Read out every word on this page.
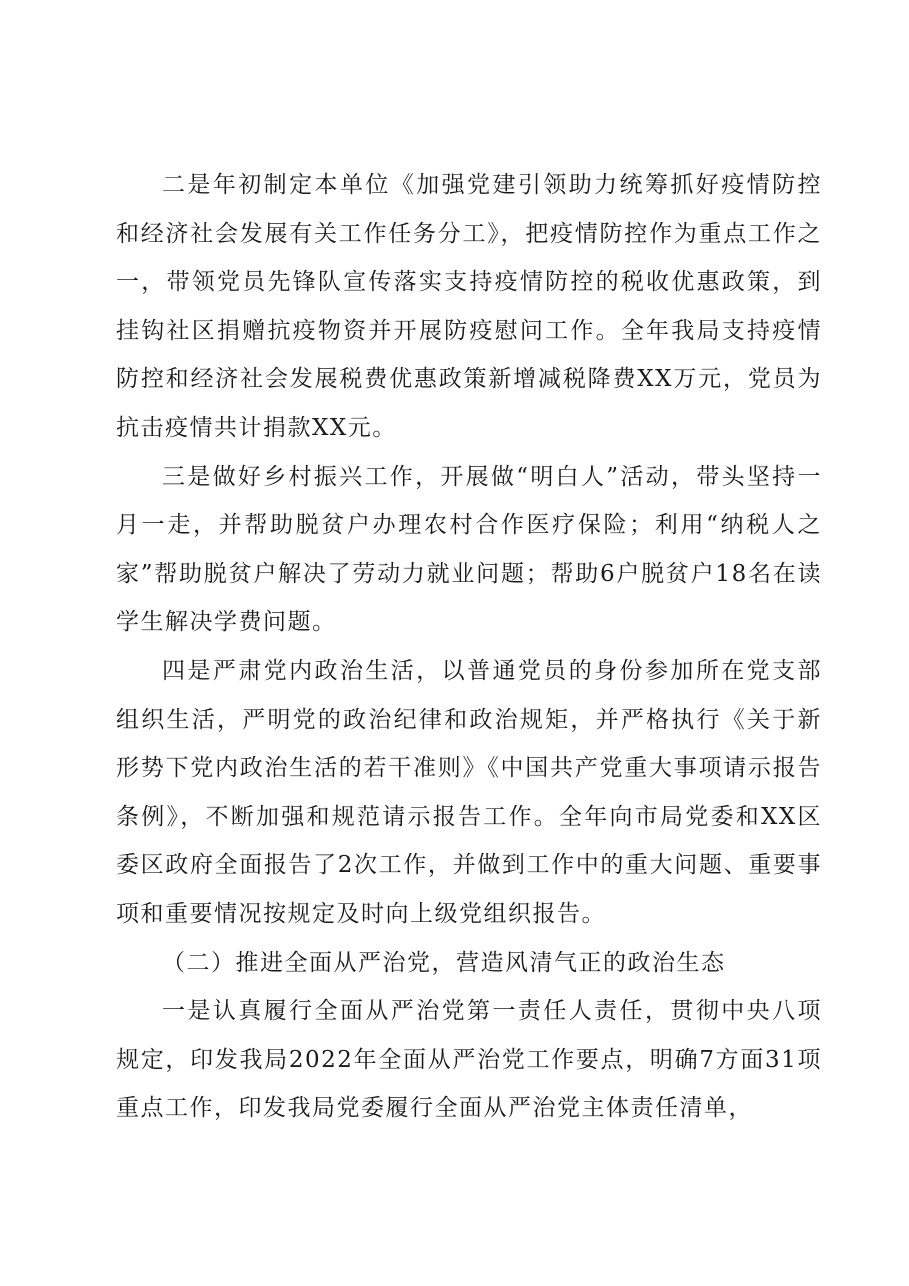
二是年初制定本单位《加强党建引领助力统筹抓好疫情防控和经济社会发展有关工作任务分工》，把疫情防控作为重点工作之一，带领党员先锋队宣传落实支持疫情防控的税收优惠政策，到挂钩社区捐赠抗疫物资并开展防疫慰问工作。全年我局支持疫情防控和经济社会发展税费优惠政策新增减税降费XX万元，党员为抗击疫情共计捐款XX元。

三是做好乡村振兴工作，开展做“明白人”活动，带头坚持一月一走，并帮助脱贫户办理农村合作医疗保险；利用“纳税人之家”帮助脱贫户解决了劳动力就业问题；帮助6户脱贫户18名在读学生解决学费问题。

四是严肃党内政治生活，以普通党员的身份参加所在党支部组织生活，严明党的政治纪律和政治规矩，并严格执行《关于新形势下党内政治生活的若干准则》《中国共产党重大事项请示报告条例》，不断加强和规范请示报告工作。全年向市局党委和XX区委区政府全面报告了2次工作，并做到工作中的重大问题、重要事项和重要情况按规定及时向上级党组织报告。

（二）推进全面从严治党，营造风清气正的政治生态

一是认真履行全面从严治党第一责任人责任，贯彻中央八项规定，印发我局2022年全面从严治党工作要点，明确7方面31项重点工作，印发我局党委履行全面从严治党主体责任清单，
